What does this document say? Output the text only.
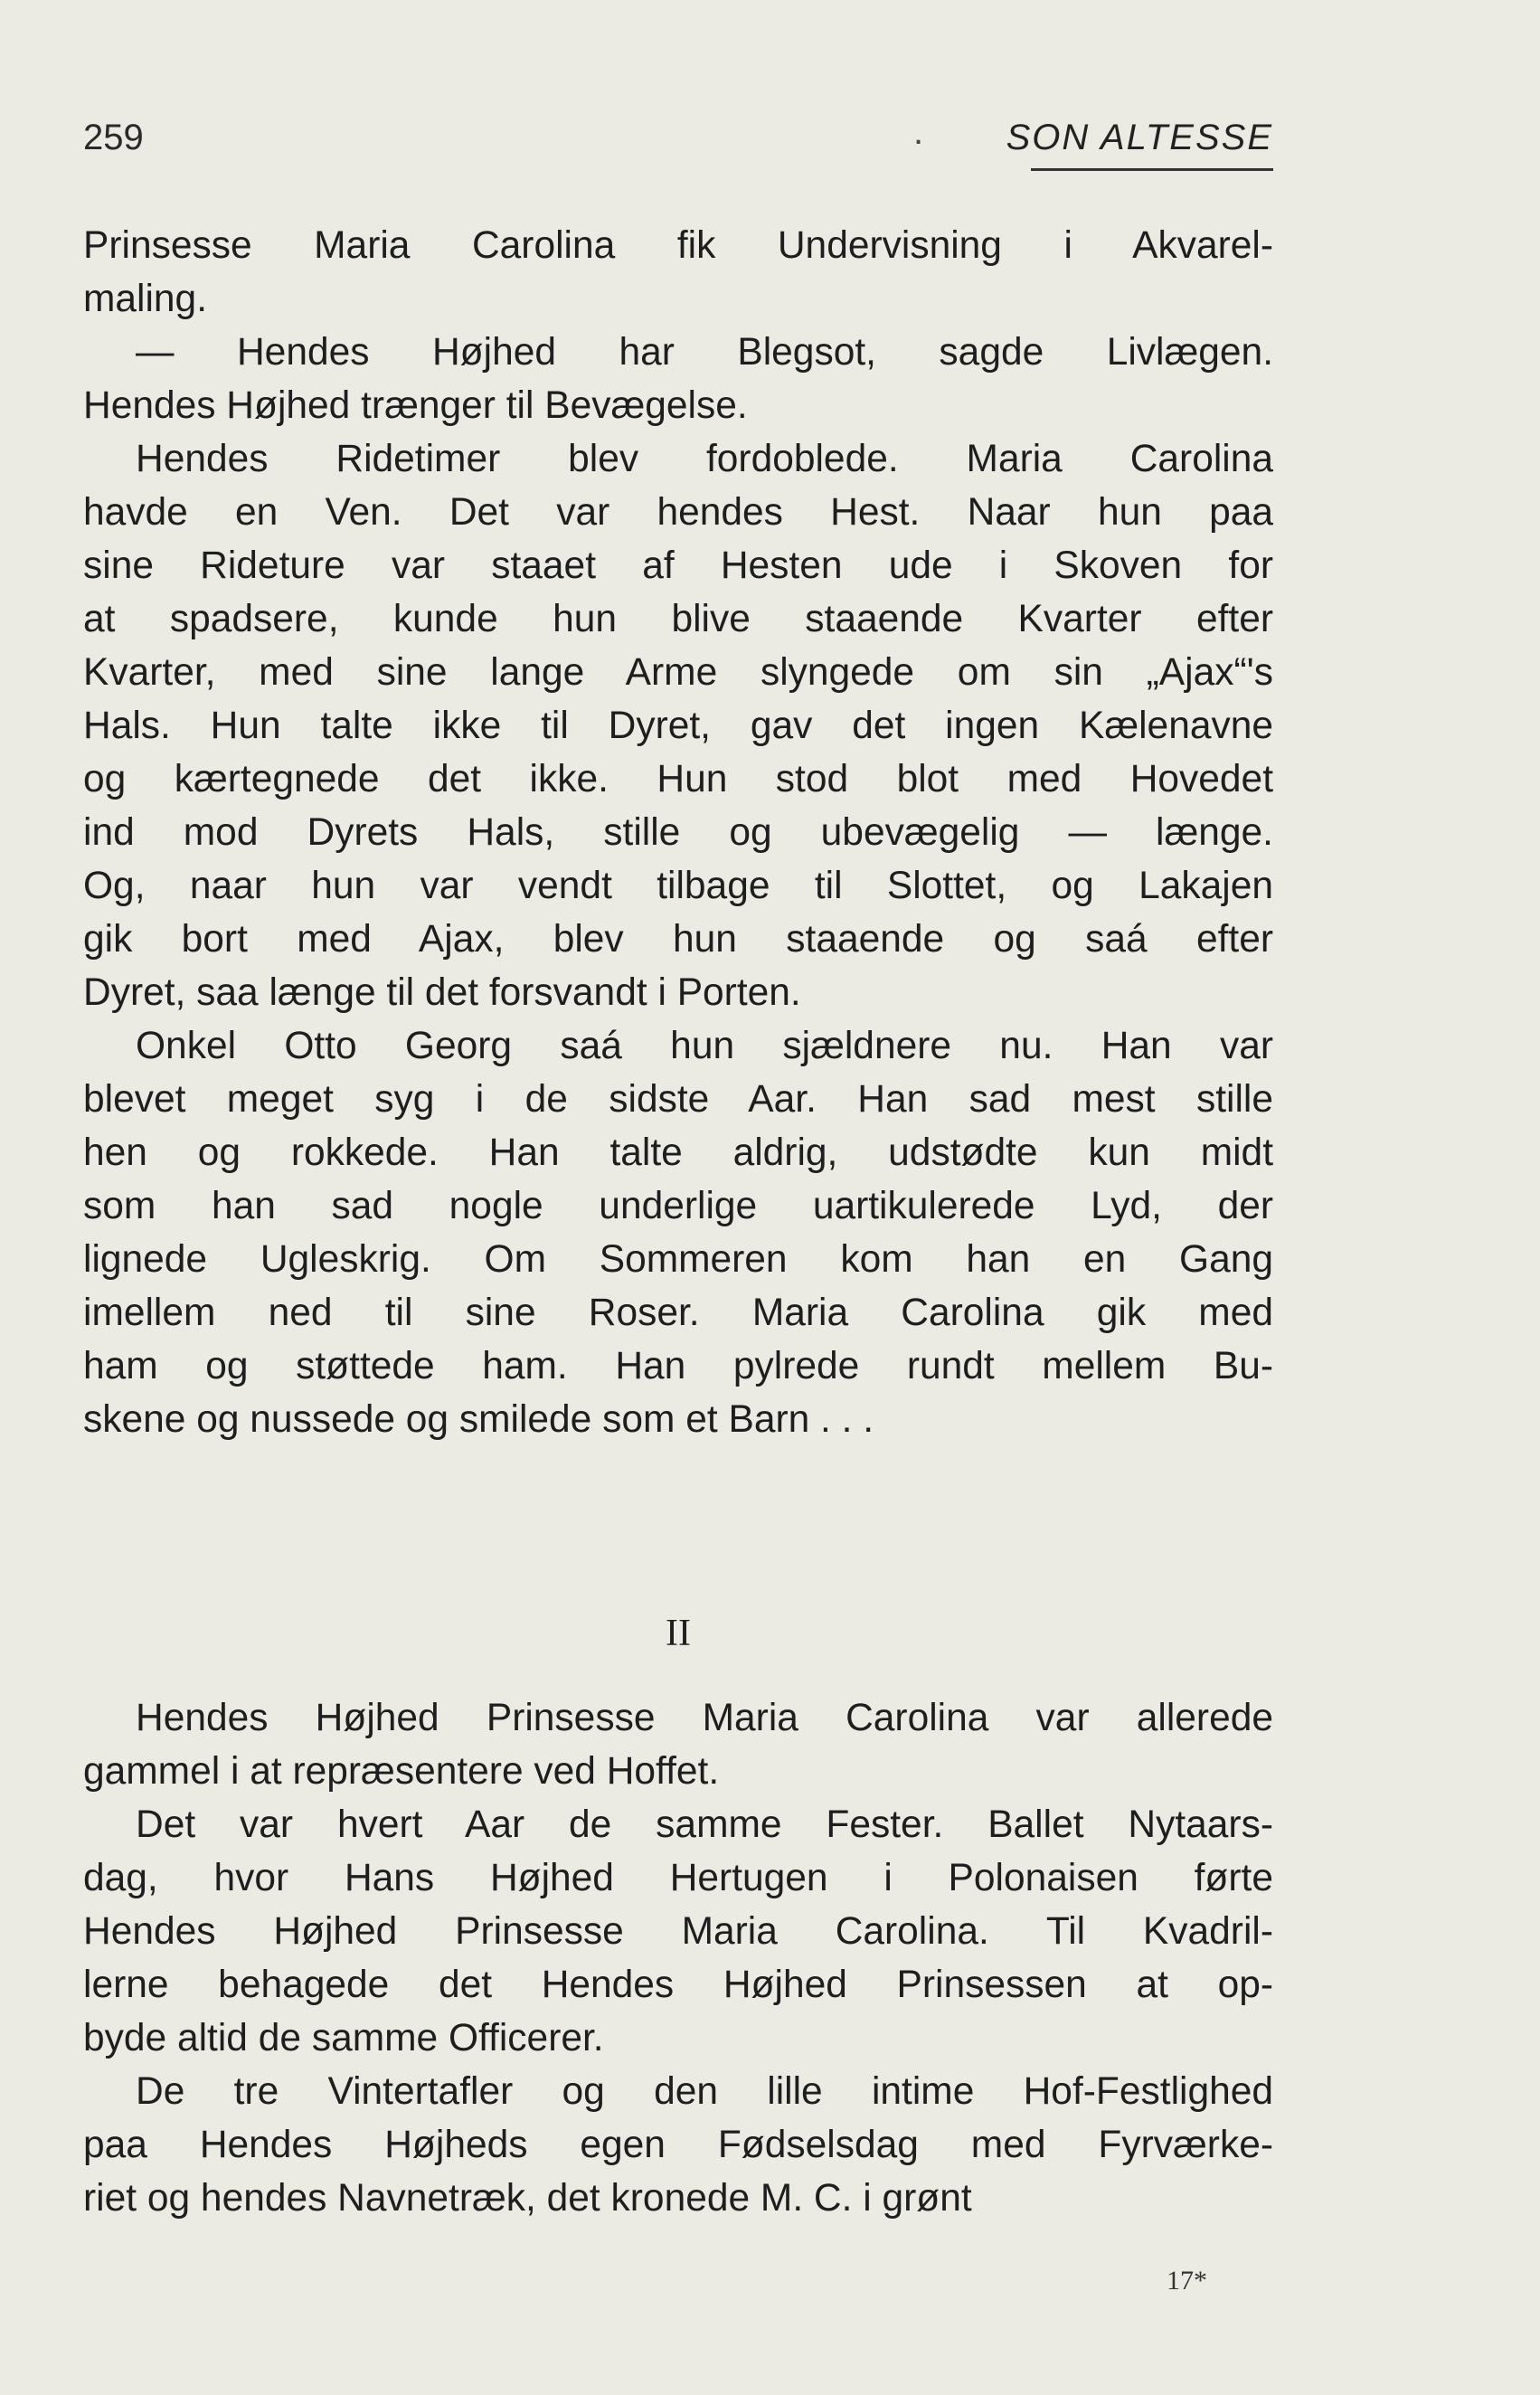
259	. SON ALTESSE
Prinsesse Maria Carolina fik Undervisning i Akvarel-
maling.
— Hendes Højhed har Blegsot, sagde Livlægen.
Hendes Højhed trænger til Bevægelse.
Hendes Ridetimer blev fordoblede. Maria Carolina
havde en Ven. Det var hendes Hest. Naar hun paa
sine Rideture var staaet af Hesten ude i Skoven for
at spadsere, kunde hun blive staaende Kvarter efter
Kvarter, med sine lange Arme slyngede om sin „Ajax“'s
Hals. Hun talte ikke til Dyret, gav det ingen Kælenavne
og kærtegnede det ikke. Hun stod blot med Hovedet
ind mod Dyrets Hals, stille og ubevægelig — længe.
Og, naar hun var vendt tilbage til Slottet, og Lakajen
gik bort med Ajax, blev hun staaende og saá efter
Dyret, saa længe til det forsvandt i Porten.
Onkel Otto Georg saá hun sjældnere nu. Han var
blevet meget syg i de sidste Aar. Han sad mest stille
hen og rokkede. Han talte aldrig, udstødte kun midt
som han sad nogle underlige uartikulerede Lyd, der
lignede Ugleskrig. Om Sommeren kom han en Gang
imellem ned til sine Roser. Maria Carolina gik med
ham og støttede ham. Han pylrede rundt mellem Bu-
skene og nussede og smilede som et Barn . . .
II
Hendes Højhed Prinsesse Maria Carolina var allerede
gammel i at repræsentere ved Hoffet.
Det var hvert Aar de samme Fester. Ballet Nytaars-
dag, hvor Hans Højhed Hertugen i Polonaisen førte
Hendes Højhed Prinsesse Maria Carolina. Til Kvadril-
lerne behagede det Hendes Højhed Prinsessen at op-
byde altid de samme Officerer.
De tre Vintertafler og den lille intime Hof-Festlighed
paa Hendes Højheds egen Fødselsdag med Fyrværke-
riet og hendes Navnetræk, det kronede M. C. i grønt
17*
